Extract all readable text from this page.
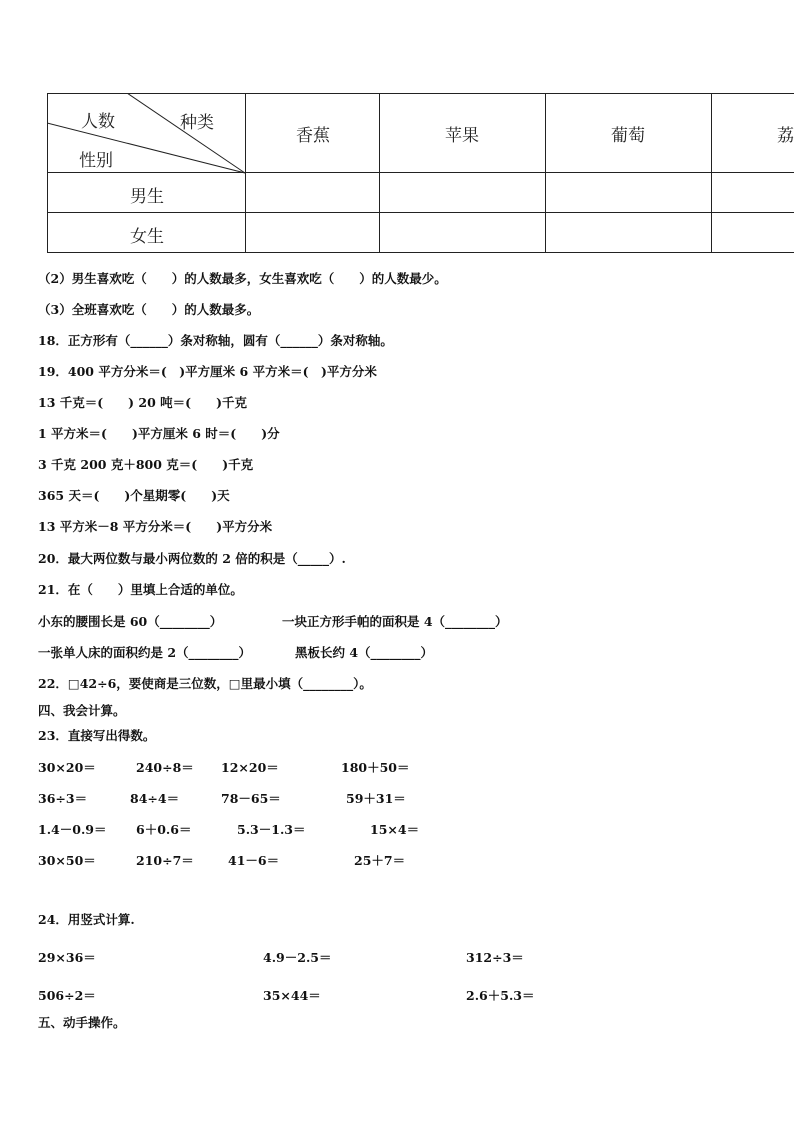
人数	种类
性别
香蕉	苹果	葡萄	荔
男生
女生
（2）男生喜欢吃（　　）的人数最多，女生喜欢吃（　　）的人数最少。
（3）全班喜欢吃（　　）的人数最多。
18．正方形有（______）条对称轴，圆有（______）条对称轴。
19．400 平方分米＝(　)平方厘米 6 平方米＝(　)平方分米
13 千克＝(　　) 20 吨＝(　　)千克
1 平方米＝(　　)平方厘米 6 时＝(　　)分
3 千克 200 克＋800 克＝(　　)千克
365 天＝(　　)个星期零(　　)天
13 平方米－8 平方分米＝(　　)平方分米
20．最大两位数与最小两位数的 2 倍的积是（_____）.
21．在（　　）里填上合适的单位。
小东的腰围长是 60（________）	一块正方形手帕的面积是 4（________）
一张单人床的面积约是 2（________）	黑板长约 4（________）
22．□42÷6，要使商是三位数，□里最小填（________）。
四、我会计算。
23．直接写出得数。
30×20＝	240÷8＝ 12×20＝	180＋50＝
36÷3＝	84÷4＝	78－65＝	59＋31＝
1.4－0.9＝ 6＋0.6＝	5.3－1.3＝	15×4＝
30×50＝	210÷7＝	41－6＝	25＋7＝
24．用竖式计算.
29×36＝	4.9－2.5＝	312÷3＝
506÷2＝	35×44＝	2.6＋5.3＝
五、动手操作。
